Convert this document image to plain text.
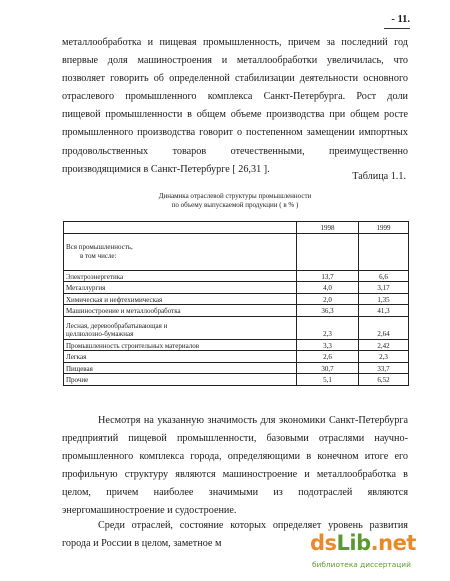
- 11.
металлообработка и пищевая промышленность, причем за последний год
впервые доля машиностроения и металлообработки увеличилась, что
позволяет говорить об определенной стабилизации деятельности основного
отраслевого промышленного комплекса Санкт-Петербурга. Рост доли
пищевой промышленности в общем объеме производства при общем росте
промышленного производства говорит о постепенном замещении импортных
продовольственных товаров отечественными, преимущественно
производящимися в Санкт-Петербурге [ 26,31 ].
Таблица 1.1.
Динамика отраслевой структуры промышленности
по объему выпускаемой продукции ( в % )
	1998	1999
Вся промышленность,
в том числе:		

Электроэнергетика	13,7	6,6
Металлургия	4,0	3,17
Химическая и нефтехимическая	2,0	1,35
Машиностроение и металлообработка	36,3	41,3

Лесная, деревообрабатывающая и
целлюлозно-бумажная	2,3	2,64
Промышленность строительных материалов	3,3	2,42
Легкая	2,6	2,3
Пищевая	30,7	33,7
Прочие	5,1	6,52
Несмотря на указанную значимость для экономики Санкт-Петербурга
предприятий пищевой промышленности, базовыми отраслями научно-
промышленного комплекса города, определяющими в конечном итоге его
профильную структуру являются машиностроение и металлообработка в
целом, причем наиболее значимыми из подотраслей являются
энергомашиностроение и судостроение.
Среди отраслей, состояние которых определяет уровень развития
города и России в целом, заметное м	dsLib.net
библиотека диссертаций
